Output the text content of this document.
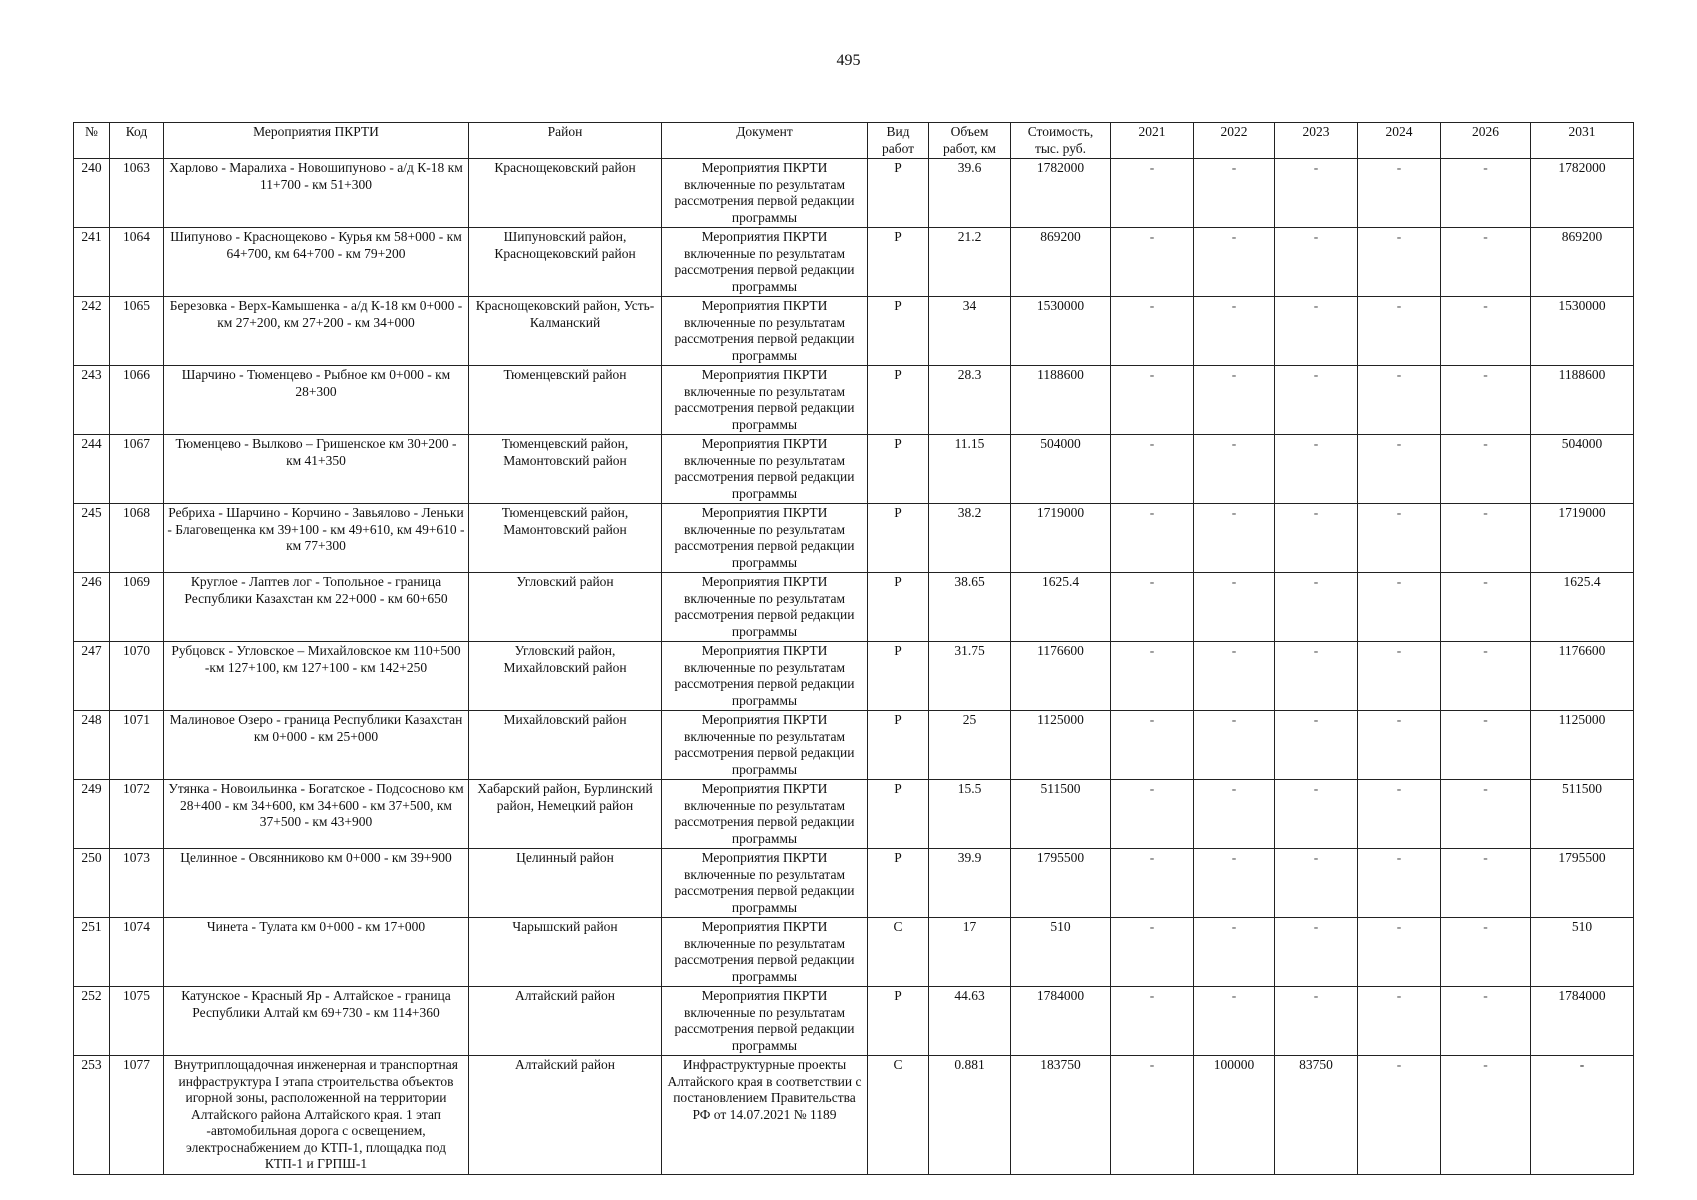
495
№	Код	Мероприятия ПКРТИ	Район	Документ	Вид работ	Объем работ, км	Стоимость, тыс. руб.	2021	2022	2023	2024	2026	2031
240	1063	Харлово - Маралиха - Новошипуново - а/д К-18 км 11+700 - км 51+300	Краснощековский район	Мероприятия ПКРТИ включенные по результатам рассмотрения первой редакции программы	Р	39.6	1782000	-	-	-	-	-	1782000
241	1064	Шипуново - Краснощеково - Курья км 58+000 - км 64+700, км 64+700 - км 79+200	Шипуновский район, Краснощековский район	Мероприятия ПКРТИ включенные по результатам рассмотрения первой редакции программы	Р	21.2	869200	-	-	-	-	-	869200
242	1065	Березовка - Верх-Камышенка - а/д К-18 км 0+000 - км 27+200, км 27+200 - км 34+000	Краснощековский район, Усть-Калманский	Мероприятия ПКРТИ включенные по результатам рассмотрения первой редакции программы	Р	34	1530000	-	-	-	-	-	1530000
243	1066	Шарчино - Тюменцево - Рыбное км 0+000 - км 28+300	Тюменцевский район	Мероприятия ПКРТИ включенные по результатам рассмотрения первой редакции программы	Р	28.3	1188600	-	-	-	-	-	1188600
244	1067	Тюменцево - Вылково – Гришенское км 30+200 - км 41+350	Тюменцевский район, Мамонтовский район	Мероприятия ПКРТИ включенные по результатам рассмотрения первой редакции программы	Р	11.15	504000	-	-	-	-	-	504000
245	1068	Ребриха - Шарчино - Корчино - Завьялово - Леньки - Благовещенка км 39+100 - км 49+610, км 49+610 - км 77+300	Тюменцевский район, Мамонтовский район	Мероприятия ПКРТИ включенные по результатам рассмотрения первой редакции программы	Р	38.2	1719000	-	-	-	-	-	1719000
246	1069	Круглое - Лаптев лог - Топольное - граница Республики Казахстан км 22+000 - км 60+650	Угловский район	Мероприятия ПКРТИ включенные по результатам рассмотрения первой редакции программы	Р	38.65	1625.4	-	-	-	-	-	1625.4
247	1070	Рубцовск - Угловское – Михайловское км 110+500 -км 127+100, км 127+100 - км 142+250	Угловский район, Михайловский район	Мероприятия ПКРТИ включенные по результатам рассмотрения первой редакции программы	Р	31.75	1176600	-	-	-	-	-	1176600
248	1071	Малиновое Озеро - граница Республики Казахстан км 0+000 - км 25+000	Михайловский район	Мероприятия ПКРТИ включенные по результатам рассмотрения первой редакции программы	Р	25	1125000	-	-	-	-	-	1125000
249	1072	Утянка - Новоильинка - Богатское - Подсосново км 28+400 - км 34+600, км 34+600 - км 37+500, км 37+500 - км 43+900	Хабарский район, Бурлинский район, Немецкий район	Мероприятия ПКРТИ включенные по результатам рассмотрения первой редакции программы	Р	15.5	511500	-	-	-	-	-	511500
250	1073	Целинное - Овсянниково км 0+000 - км 39+900	Целинный район	Мероприятия ПКРТИ включенные по результатам рассмотрения первой редакции программы	Р	39.9	1795500	-	-	-	-	-	1795500
251	1074	Чинета - Тулата км 0+000 - км 17+000	Чарышский район	Мероприятия ПКРТИ включенные по результатам рассмотрения первой редакции программы	С	17	510	-	-	-	-	-	510
252	1075	Катунское - Красный Яр - Алтайское - граница Республики Алтай км 69+730 - км 114+360	Алтайский район	Мероприятия ПКРТИ включенные по результатам рассмотрения первой редакции программы	Р	44.63	1784000	-	-	-	-	-	1784000
253	1077	Внутриплощадочная инженерная и транспортная инфраструктура I этапа строительства объектов игорной зоны, расположенной на территории Алтайского района Алтайского края. 1 этап -автомобильная дорога с освещением, электроснабжением до КТП-1, площадка под КТП-1 и ГРПШ-1	Алтайский район	Инфраструктурные проекты Алтайского края в соответствии с постановлением Правительства РФ от 14.07.2021 № 1189	С	0.881	183750	-	100000	83750	-	-	-
